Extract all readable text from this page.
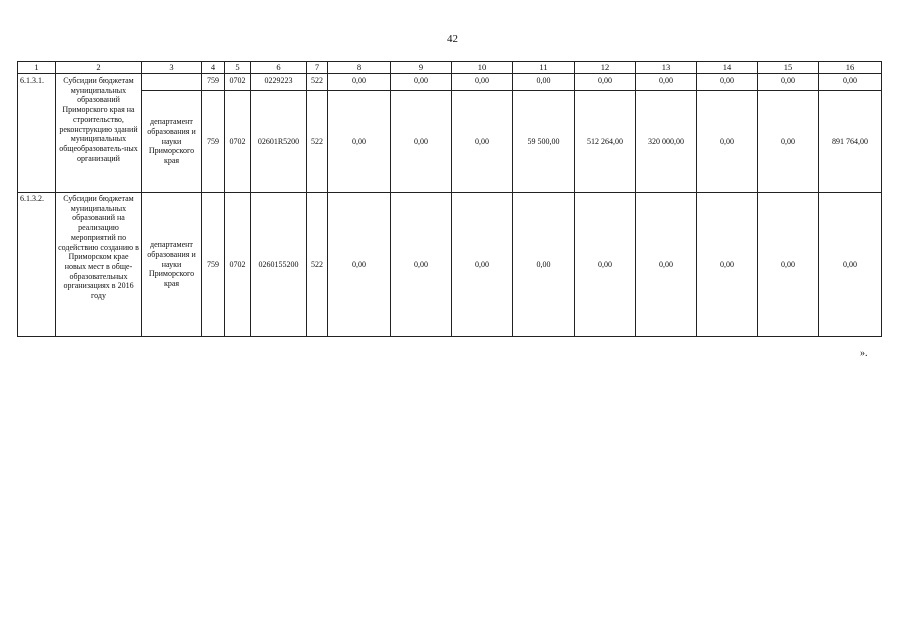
42
1	2	3	4	5	6	7	8	9	10	11	12	13	14	15	16
6.1.3.1.	Субсидии бюджетам муниципальных образований Приморского края на строительство, реконструкцию зданий муниципальных общеобразователь-ных организаций		759	0702	0229223	522	0,00	0,00	0,00	0,00	0,00	0,00	0,00	0,00	0,00
		департамент образования и науки Приморского края	759	0702	02601R5200	522	0,00	0,00	0,00	59 500,00	512 264,00	320 000,00	0,00	0,00	891 764,00
6.1.3.2.	Субсидии бюджетам муниципальных образований на реализацию мероприятий по содействию созданию в Приморском крае новых мест в обще-образовательных организациях в 2016 году	департамент образования и науки Приморского края	759	0702	0260155200	522	0,00	0,00	0,00	0,00	0,00	0,00	0,00	0,00	0,00
».
